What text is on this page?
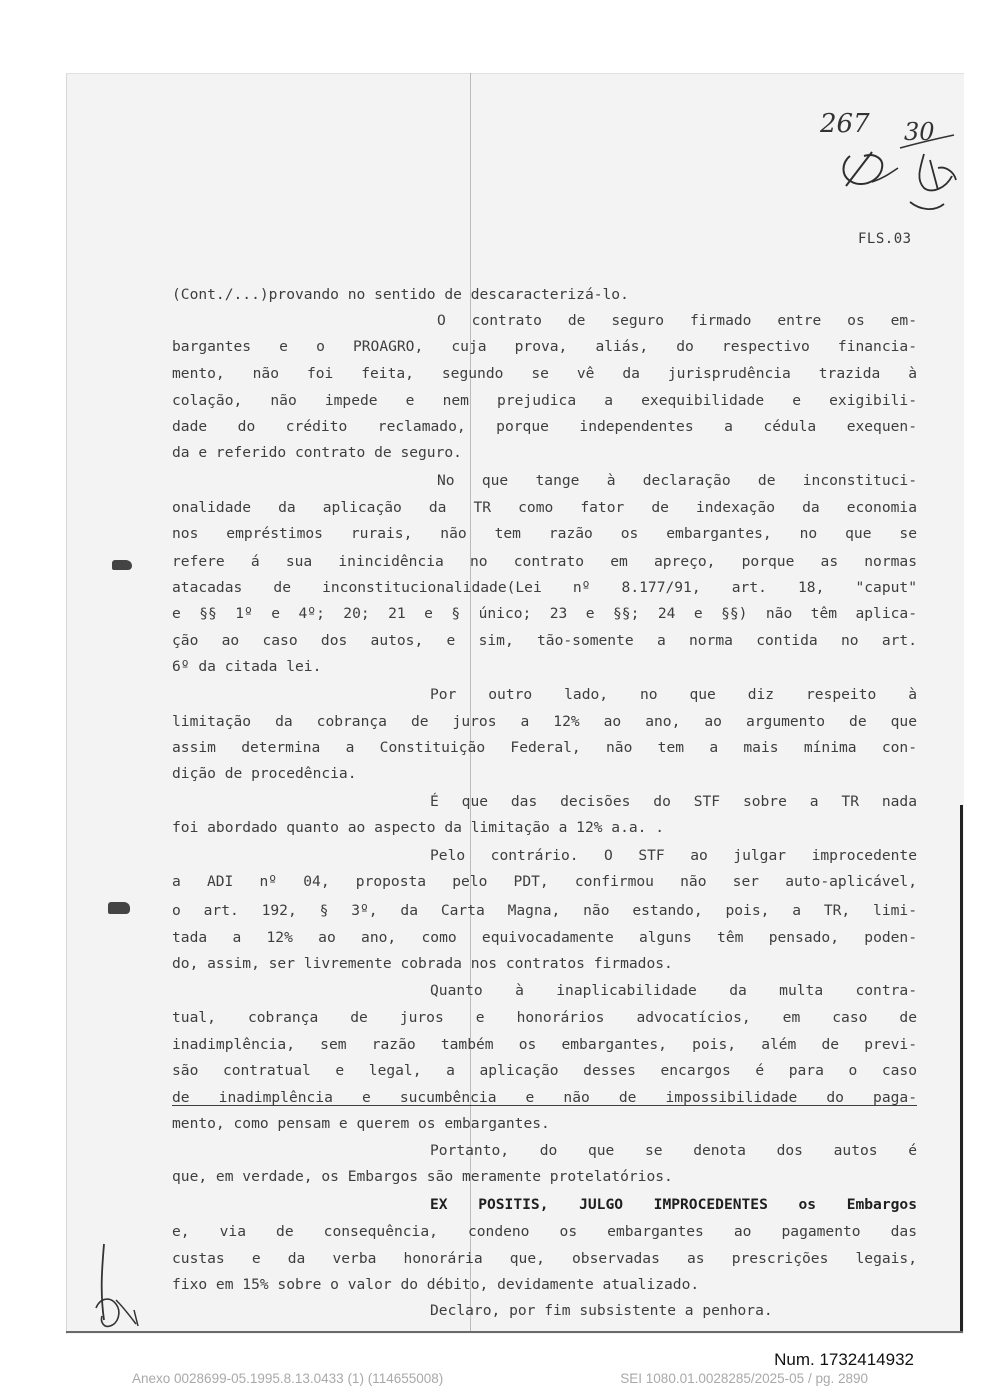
267 30
FLS.03

(Cont./...)provando no sentido de descaracterizá-lo.

O contrato de seguro firmado entre os em-

bargantes e o PROAGRO, cuja prova, aliás, do respectivo financia-

mento, não foi feita, segundo se vê da jurisprudência trazida à

colação, não impede e nem prejudica a exequibilidade e exigibili-

dade do crédito reclamado, porque independentes a cédula exequen-

da e referido contrato de seguro.

No que tange à declaração de inconstituci-

onalidade da aplicação da TR como fator de indexação da economia

nos empréstimos rurais, não tem razão os embargantes, no que se

refere á sua inincidência no contrato em apreço, porque as normas

atacadas de inconstitucionalidade(Lei nº 8.177/91, art. 18, "caput"

e §§ 1º e 4º; 20; 21 e § único; 23 e §§; 24 e §§) não têm aplica-

ção ao caso dos autos, e sim, tão-somente a norma contida no art.

6º da citada lei.

Por outro lado, no que diz respeito à

limitação da cobrança de juros a 12% ao ano, ao argumento de que

assim determina a Constituição Federal, não tem a mais mínima con-

dição de procedência.

É que das decisões do STF sobre a TR nada

foi abordado quanto ao aspecto da limitação a 12% a.a. .

Pelo contrário. O STF ao julgar improcedente

a ADI nº 04, proposta pelo PDT, confirmou não ser auto-aplicável,

o art. 192, § 3º, da Carta Magna, não estando, pois, a TR, limi-

tada a 12% ao ano, como equivocadamente alguns têm pensado, poden-

do, assim, ser livremente cobrada nos contratos firmados.

Quanto à inaplicabilidade da multa contra-

tual, cobrança de juros e honorários advocatícios, em caso de

inadimplência, sem razão também os embargantes, pois, além de previ-

são contratual e legal, a aplicação desses encargos é para o caso

de inadimplência e sucumbência e não de impossibilidade do paga-

mento, como pensam e querem os embargantes.

Portanto, do que se denota dos autos é

que, em verdade, os Embargos são meramente protelatórios.

EX POSITIS, JULGO IMPROCEDENTES os Embargos

e, via de consequência, condeno os embargantes ao pagamento das

custas e da verba honorária que, observadas as prescrições legais,

fixo em 15% sobre o valor do débito, devidamente atualizado.

Declaro, por fim subsistente a penhora.

Num. 1732414932
Anexo 0028699-05.1995.8.13.0433 (1) (114655008)	SEI 1080.01.0028285/2025-05 / pg. 2890
